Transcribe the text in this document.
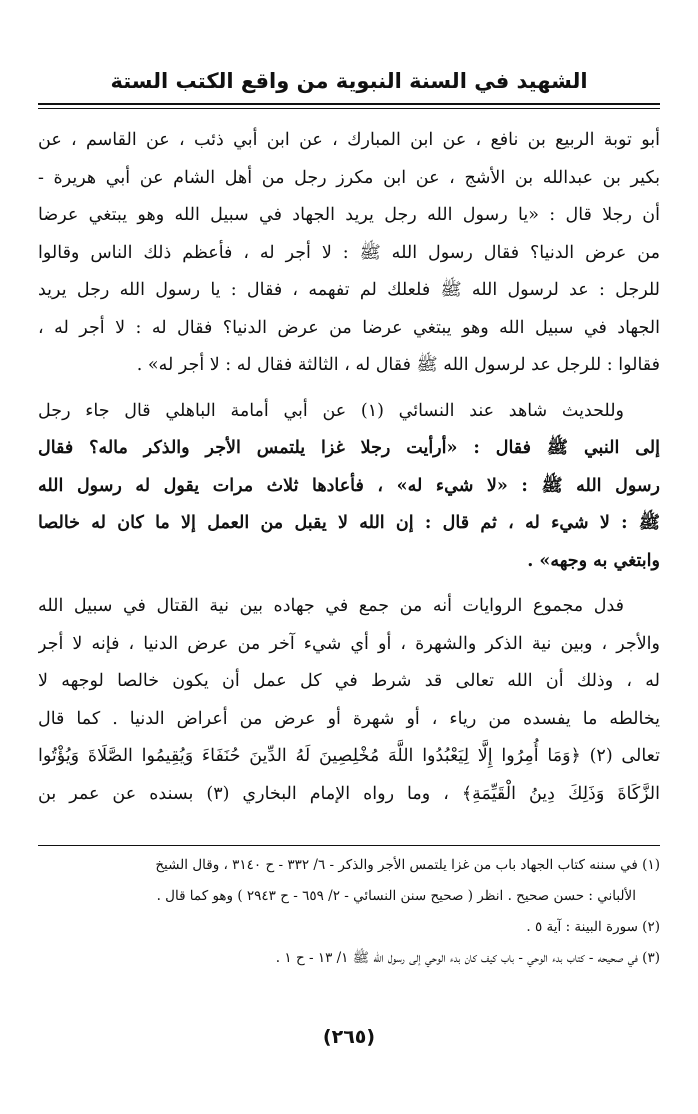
الشهيد في السنة النبوية من واقع الكتب الستة
أبو توبة الربيع بن نافع ، عن ابن المبارك ، عن ابن أبي ذئب ، عن القاسم ، عن
بكير بن عبدالله بن الأشج ، عن ابن مكرز رجل من أهل الشام عن أبي هريرة -
أن رجلا قال : «يا رسول الله رجل يريد الجهاد في سبيل الله وهو يبتغي عرضا
من عرض الدنيا؟ فقال رسول الله ﷺ : لا أجر له ، فأعظم ذلك الناس وقالوا
للرجل : عد لرسول الله ﷺ فلعلك لم تفهمه ، فقال : يا رسول الله رجل يريد
الجهاد في سبيل الله وهو يبتغي عرضا من عرض الدنيا؟ فقال له : لا أجر له ،
فقالوا : للرجل عد لرسول الله ﷺ فقال له ، الثالثة فقال له : لا أجر له» .
وللحديث شاهد عند النسائي (١) عن أبي أمامة الباهلي قال جاء رجل
إلى النبي ﷺ فقال : «أرأيت رجلا غزا يلتمس الأجر والذكر ماله؟ فقال
رسول الله ﷺ : «لا شيء له» ، فأعادها ثلاث مرات يقول له رسول الله
ﷺ : لا شيء له ، ثم قال : إن الله لا يقبل من العمل إلا ما كان له خالصا
وابتغي به وجهه» .
فدل مجموع الروايات أنه من جمع في جهاده بين نية القتال في سبيل الله
والأجر ، وبين نية الذكر والشهرة ، أو أي شيء آخر من عرض الدنيا ، فإنه لا أجر
له ، وذلك أن الله تعالى قد شرط في كل عمل أن يكون خالصا لوجهه لا
يخالطه ما يفسده من رياء ، أو شهرة أو عرض من أعراض الدنيا . كما قال
تعالى (٢) ﴿وَمَا أُمِرُوا إِلَّا لِيَعْبُدُوا اللَّهَ مُخْلِصِينَ لَهُ الدِّينَ حُنَفَاءَ وَيُقِيمُوا الصَّلَاةَ وَيُؤْتُوا
الزَّكَاةَ وَذَلِكَ دِينُ الْقَيِّمَةِ﴾ ، وما رواه الإمام البخاري (٣) بسنده عن عمر بن
(١) في سننه كتاب الجهاد باب من غزا يلتمس الأجر والذكر - ٦/ ٣٣٢ - ح ٣١٤٠ ، وقال الشيخ
الألباني : حسن صحيح . انظر ( صحيح سنن النسائي - ٢/ ٦٥٩ - ح ٢٩٤٣ ) وهو كما قال .
(٢) سورة البينة : آية ٥ .
(٣) في صحيحه - كتاب بدء الوحي - باب كيف كان بدء الوحي إلى رسول الله ﷺ ١/ ١٣ - ح ١ .
(٢٦٥)
